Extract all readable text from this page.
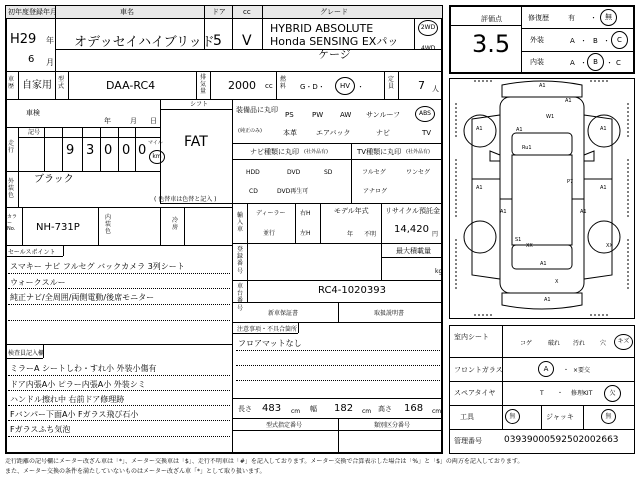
初年度登録年月	車名	ドア cc	グレード
H29 年
6 月
オデッセイハイブリッド
5 V
HYBRID ABSOLUTE
Honda SENSING EXパッ
ケージ
2WD
4WD
車歴 自家用
型式	DAA-RC4
排気量 2000 cc
燃料 G・D・	HV ・
定員 7 人
シフト
FAT
車検
年	月 日
走行
記号
9 3 0 0 0 マイル
km
外装色
ブラック
( 色替車は色替と記入 )
カラーNo.	NH-731P
内装色
冷房
セールスポイント
スマキー ナビ フルセグ バックカメラ 3列シート
ウォークスルー
純正ナビ/全周囲/両側電動/後席モニター
検査員記入欄
ミラーA シートしわ・すれ小 外装小傷有
ドア内張A小 ピラー内張A小 外装シミ
ハンドル擦れ中 右前ドア修理跡
Fバンパー下面A小 Fガラス飛び石小
Fガラスふち気泡
装備品に丸印
(純正のみ)
PS	PW AW サンルーフ	ABS
本革	エアバック	ナビ	TV
ナビ種類に丸印 (社外品有)	TV種類に丸印 (社外品有)
HDD	DVD	SD
CD	DVD再生可
フルセグ	ワンセグ
アナログ
輸入車
ディーラー
並行
右H
左H
モデル年式
年 不明
リサイクル預託金
14,420 円
登録番号
最大積載量
kg
車台番号
RC4-1020393
新車保証書	取扱説明書
注意事項・不具合箇所
フロアマットなし
長さ 483 cm 幅 182 cm 高さ 168 cm
型式指定番号	類別区分番号
評価点
3.5
修復歴	有 ・	無
外装	A ・ B ・	C
内装	A ・ B	・ C
A1
A1
A1
A1
A1
A1
W1
A1
Ru1
P7
A1	A1
A1
A1
XX	XX
X
S1
室内シート
コゲ	破れ 汚れ 穴	キズ
フロントガラス	A	・ ×要交
スペアタイヤ	T ・ 修理KIT	欠
工具	無	ジャッキ	無
管理番号 03939000592502002663
走行距離の記号欄にメーター改ざん車は「*」、メーター交換車は「$」、走行不明車は「#」を記入しております。メーター交換で合算表示した場合は「%」と「$」の両方を記入しております。
また、メーター交換の条件を満たしていないものはメーター改ざん車「*」として取り扱います。
